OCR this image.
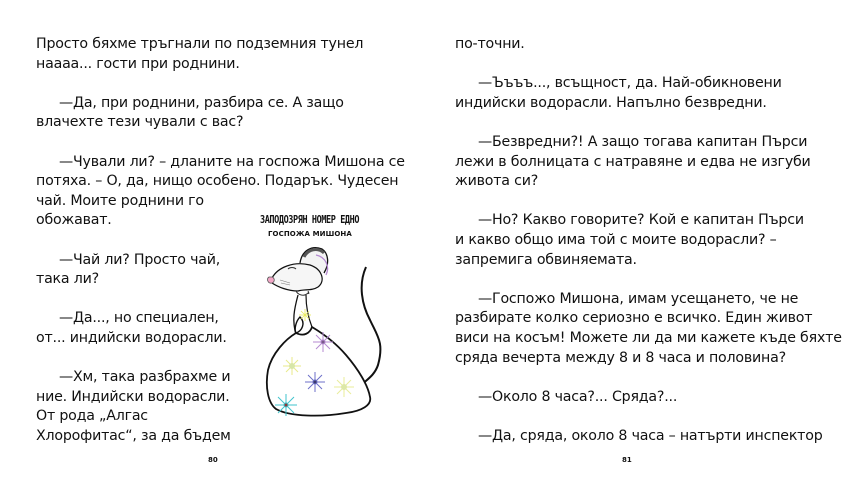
Просто бяхме тръгнали по подземния тунел
наааа... гости при роднини.
—Да, при роднини, разбира се. А защо
влачехте тези чували с вас?
—Чували ли? – дланите на госпожа Мишона се
потяха. – О, да, нищо особено. Подарък. Чудесен
чай. Моите роднини го
обожават.
—Чай ли? Просто чай,
така ли?
—Да..., но специален,
от... индийски водорасли.
—Хм, така разбрахме и
ние. Индийски водорасли.
От рода „Алгас
Хлорофитас“, за да бъдем
ЗАПОДОЗРЯН НОМЕР ЕДНО
ГОСПОЖА МИШОНА
80
по-точни.
—Ъъъъ..., всъщност, да. Най-обикновени
индийски водорасли. Напълно безвредни.
—Безвредни?! А защо тогава капитан Пърси
лежи в болницата с натравяне и едва не изгуби
живота си?
—Но? Какво говорите? Кой е капитан Пърси
и какво общо има той с моите водорасли? –
запремига обвиняемата.
—Госпожо Мишона, имам усещането, че не
разбирате колко сериозно е всичко. Един живот
виси на косъм! Можете ли да ми кажете къде бяхте
сряда вечерта между 8 и 8 часа и половина?
—Около 8 часа?... Сряда?...
—Да, сряда, около 8 часа – натърти инспектор
81
